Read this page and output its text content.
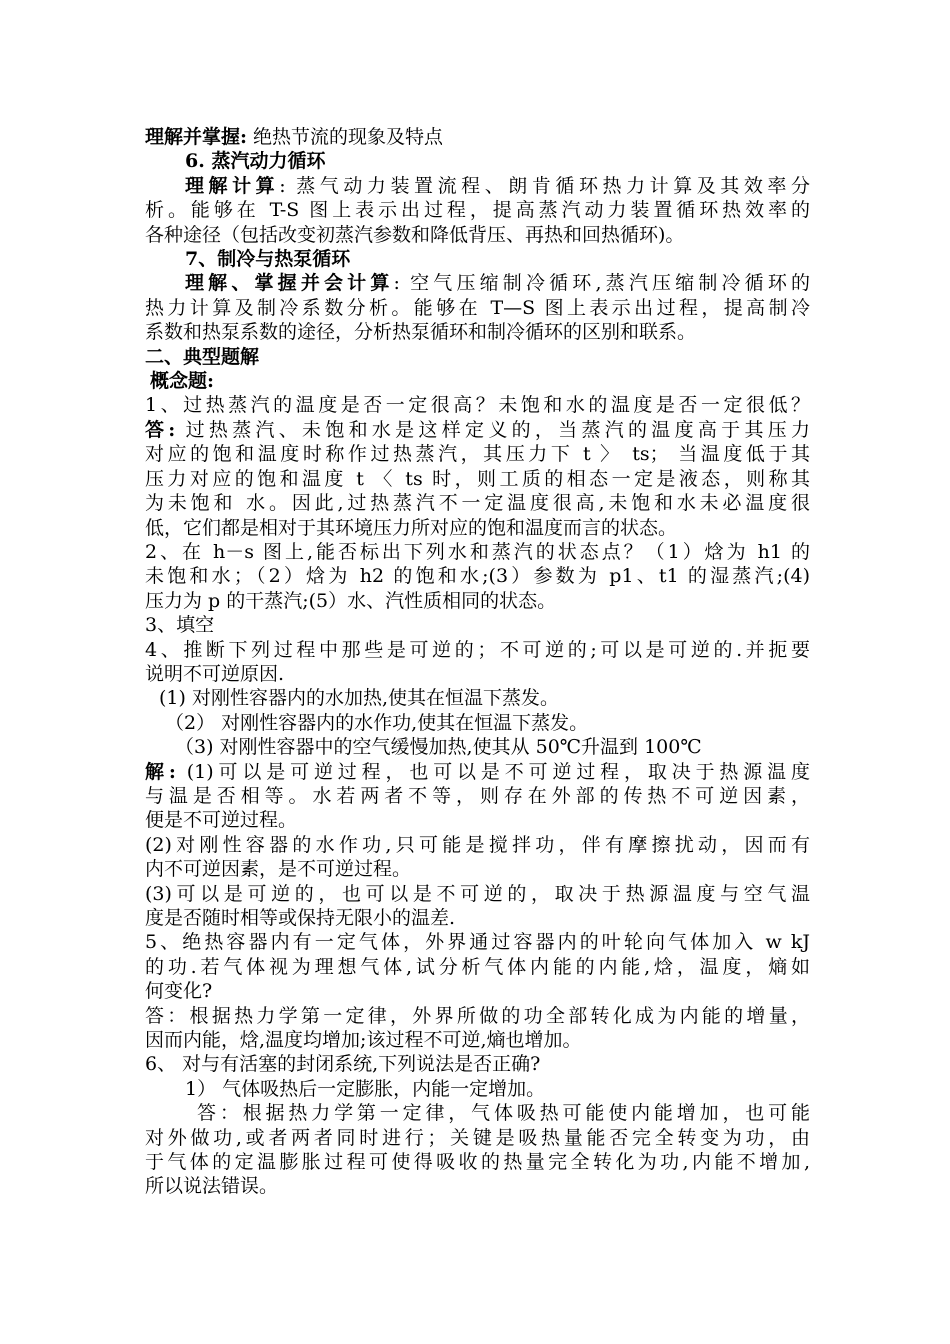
理解并掌握: 绝热节流的现象及特点
6. 蒸汽动力循环
理解计算: 蒸气动力装置流程、朗肯循环热力计算及其效率分
析。能够在 T-S 图上表示出过程，提高蒸汽动力装置循环热效率的
各种途径（包括改变初蒸汽参数和降低背压、再热和回热循环)。
7、制冷与热泵循环
理解、掌握并会计算: 空气压缩制冷循环,蒸汽压缩制冷循环的
热力计算及制冷系数分析。能够在 T—S 图上表示出过程，提高制冷
系数和热泵系数的途径，分析热泵循环和制冷循环的区别和联系。
二、典型题解
概念题:
1、过热蒸汽的温度是否一定很高？未饱和水的温度是否一定很低？
答: 过热蒸汽、未饱和水是这样定义的，当蒸汽的温度高于其压力
对应的饱和温度时称作过热蒸汽，其压力下 t 〉 ts； 当温度低于其
压力对应的饱和温度 t 〈 ts 时，则工质的相态一定是液态，则称其
为未饱和 水。因此,过热蒸汽不一定温度很高,未饱和水未必温度很
低，它们都是相对于其环境压力所对应的饱和温度而言的状态。
2、在 h－s 图上,能否标出下列水和蒸汽的状态点？（1）焓为 h1 的
未饱和水；（2）焓为 h2 的饱和水;(3）参数为 p1、t1 的湿蒸汽;(4)
压力为 p 的干蒸汽;(5）水、汽性质相同的状态。
3、填空
4、推断下列过程中那些是可逆的；不可逆的;可以是可逆的.并扼要
说明不可逆原因.
(1) 对刚性容器内的水加热,使其在恒温下蒸发。
（2） 对刚性容器内的水作功,使其在恒温下蒸发。
（3) 对刚性容器中的空气缓慢加热,使其从 50℃升温到 100℃
解: (1)可以是可逆过程，也可以是不可逆过程，取决于热源温度
与温是否相等。水若两者不等，则存在外部的传热不可逆因素，
便是不可逆过程。
(2)对刚性容器的水作功,只可能是搅拌功，伴有摩擦扰动，因而有
内不可逆因素，是不可逆过程。
(3)可以是可逆的，也可以是不可逆的，取决于热源温度与空气温
度是否随时相等或保持无限小的温差.
5、绝热容器内有一定气体，外界通过容器内的叶轮向气体加入 w kJ
的功.若气体视为理想气体,试分析气体内能的内能,焓，温度，熵如
何变化?
答：根据热力学第一定律，外界所做的功全部转化成为内能的增量，
因而内能，焓,温度均增加;该过程不可逆,熵也增加。
6、 对与有活塞的封闭系统,下列说法是否正确?
1） 气体吸热后一定膨胀，内能一定增加。
答：根据热力学第一定律，气体吸热可能使内能增加，也可能
对外做功,或者两者同时进行；关键是吸热量能否完全转变为功，由
于气体的定温膨胀过程可使得吸收的热量完全转化为功,内能不增加,
所以说法错误。
